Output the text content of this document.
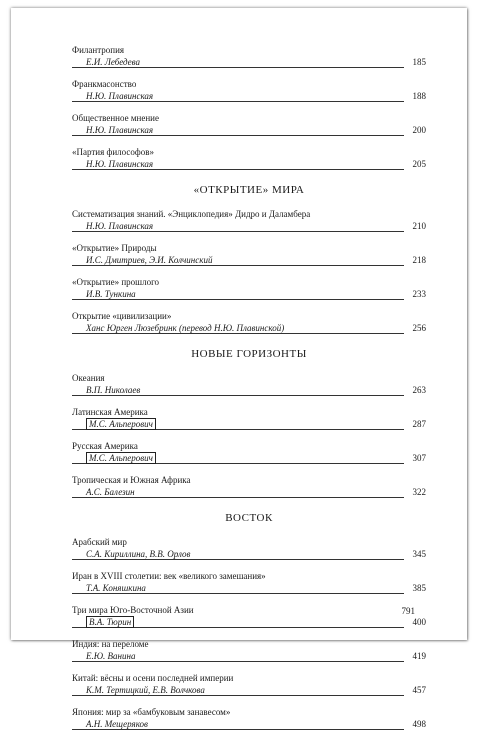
Филантропия
Е.И. Лебедева	185
Франкмасонство
Н.Ю. Плавинская	188
Общественное мнение
Н.Ю. Плавинская	200
«Партия философов»
Н.Ю. Плавинская	205
«ОТКРЫТИЕ» МИРА
Систематизация знаний. «Энциклопедия» Дидро и Даламбера
Н.Ю. Плавинская	210
«Открытие» Природы
И.С. Дмитриев, Э.И. Колчинский	218
«Открытие» прошлого
И.В. Тункина	233
Открытие «цивилизации»
Ханс Юрген Люзебринк (перевод Н.Ю. Плавинской)	256
НОВЫЕ ГОРИЗОНТЫ
Океания
В.П. Николаев	263
Латинская Америка
М.С. Альперович	287
Русская Америка
М.С. Альперович	307
Тропическая и Южная Африка
А.С. Балезин	322
ВОСТОК
Арабский мир
С.А. Кириллина, В.В. Орлов	345
Иран в XVIII столетии: век «великого замешания»
Т.А. Коняшкина	385
Три мира Юго-Восточной Азии
В.А. Тюрин	400
Индия: на переломе
Е.Ю. Ванина	419
Китай: вёсны и осени последней империи
К.М. Тертицкий, Е.В. Волчкова	457
Япония: мир за «бамбуковым занавесом»
А.Н. Мещеряков	498
791
